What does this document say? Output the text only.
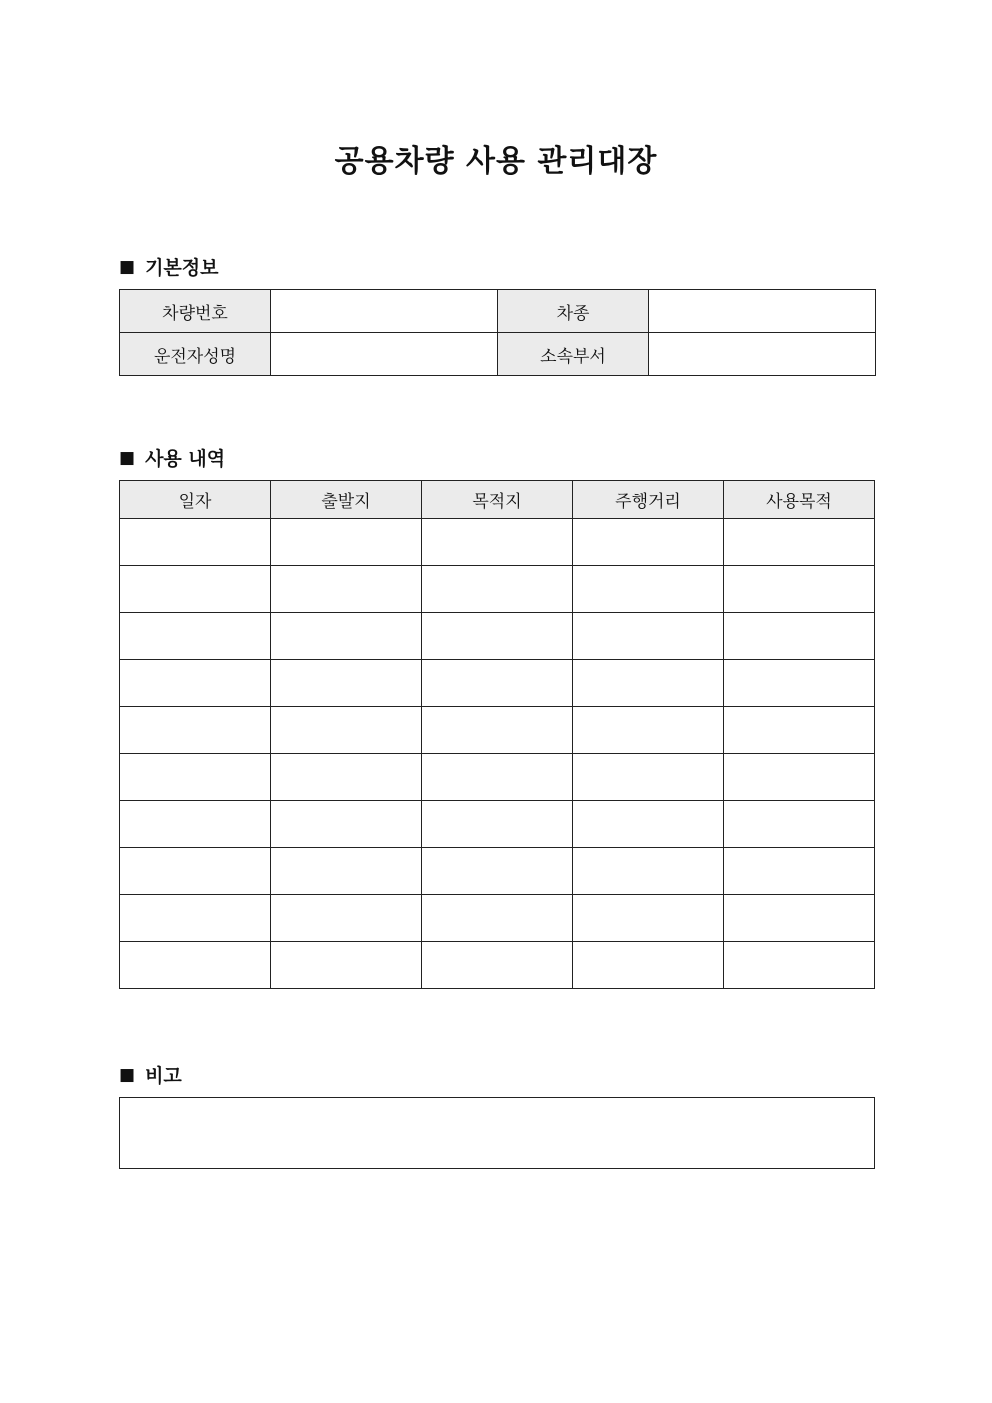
공용차량 사용 관리대장
■ 기본정보
차량번호		차종	
운전자성명		소속부서	
■ 사용 내역
일자	출발지	목적지	주행거리	사용목적

■ 비고
